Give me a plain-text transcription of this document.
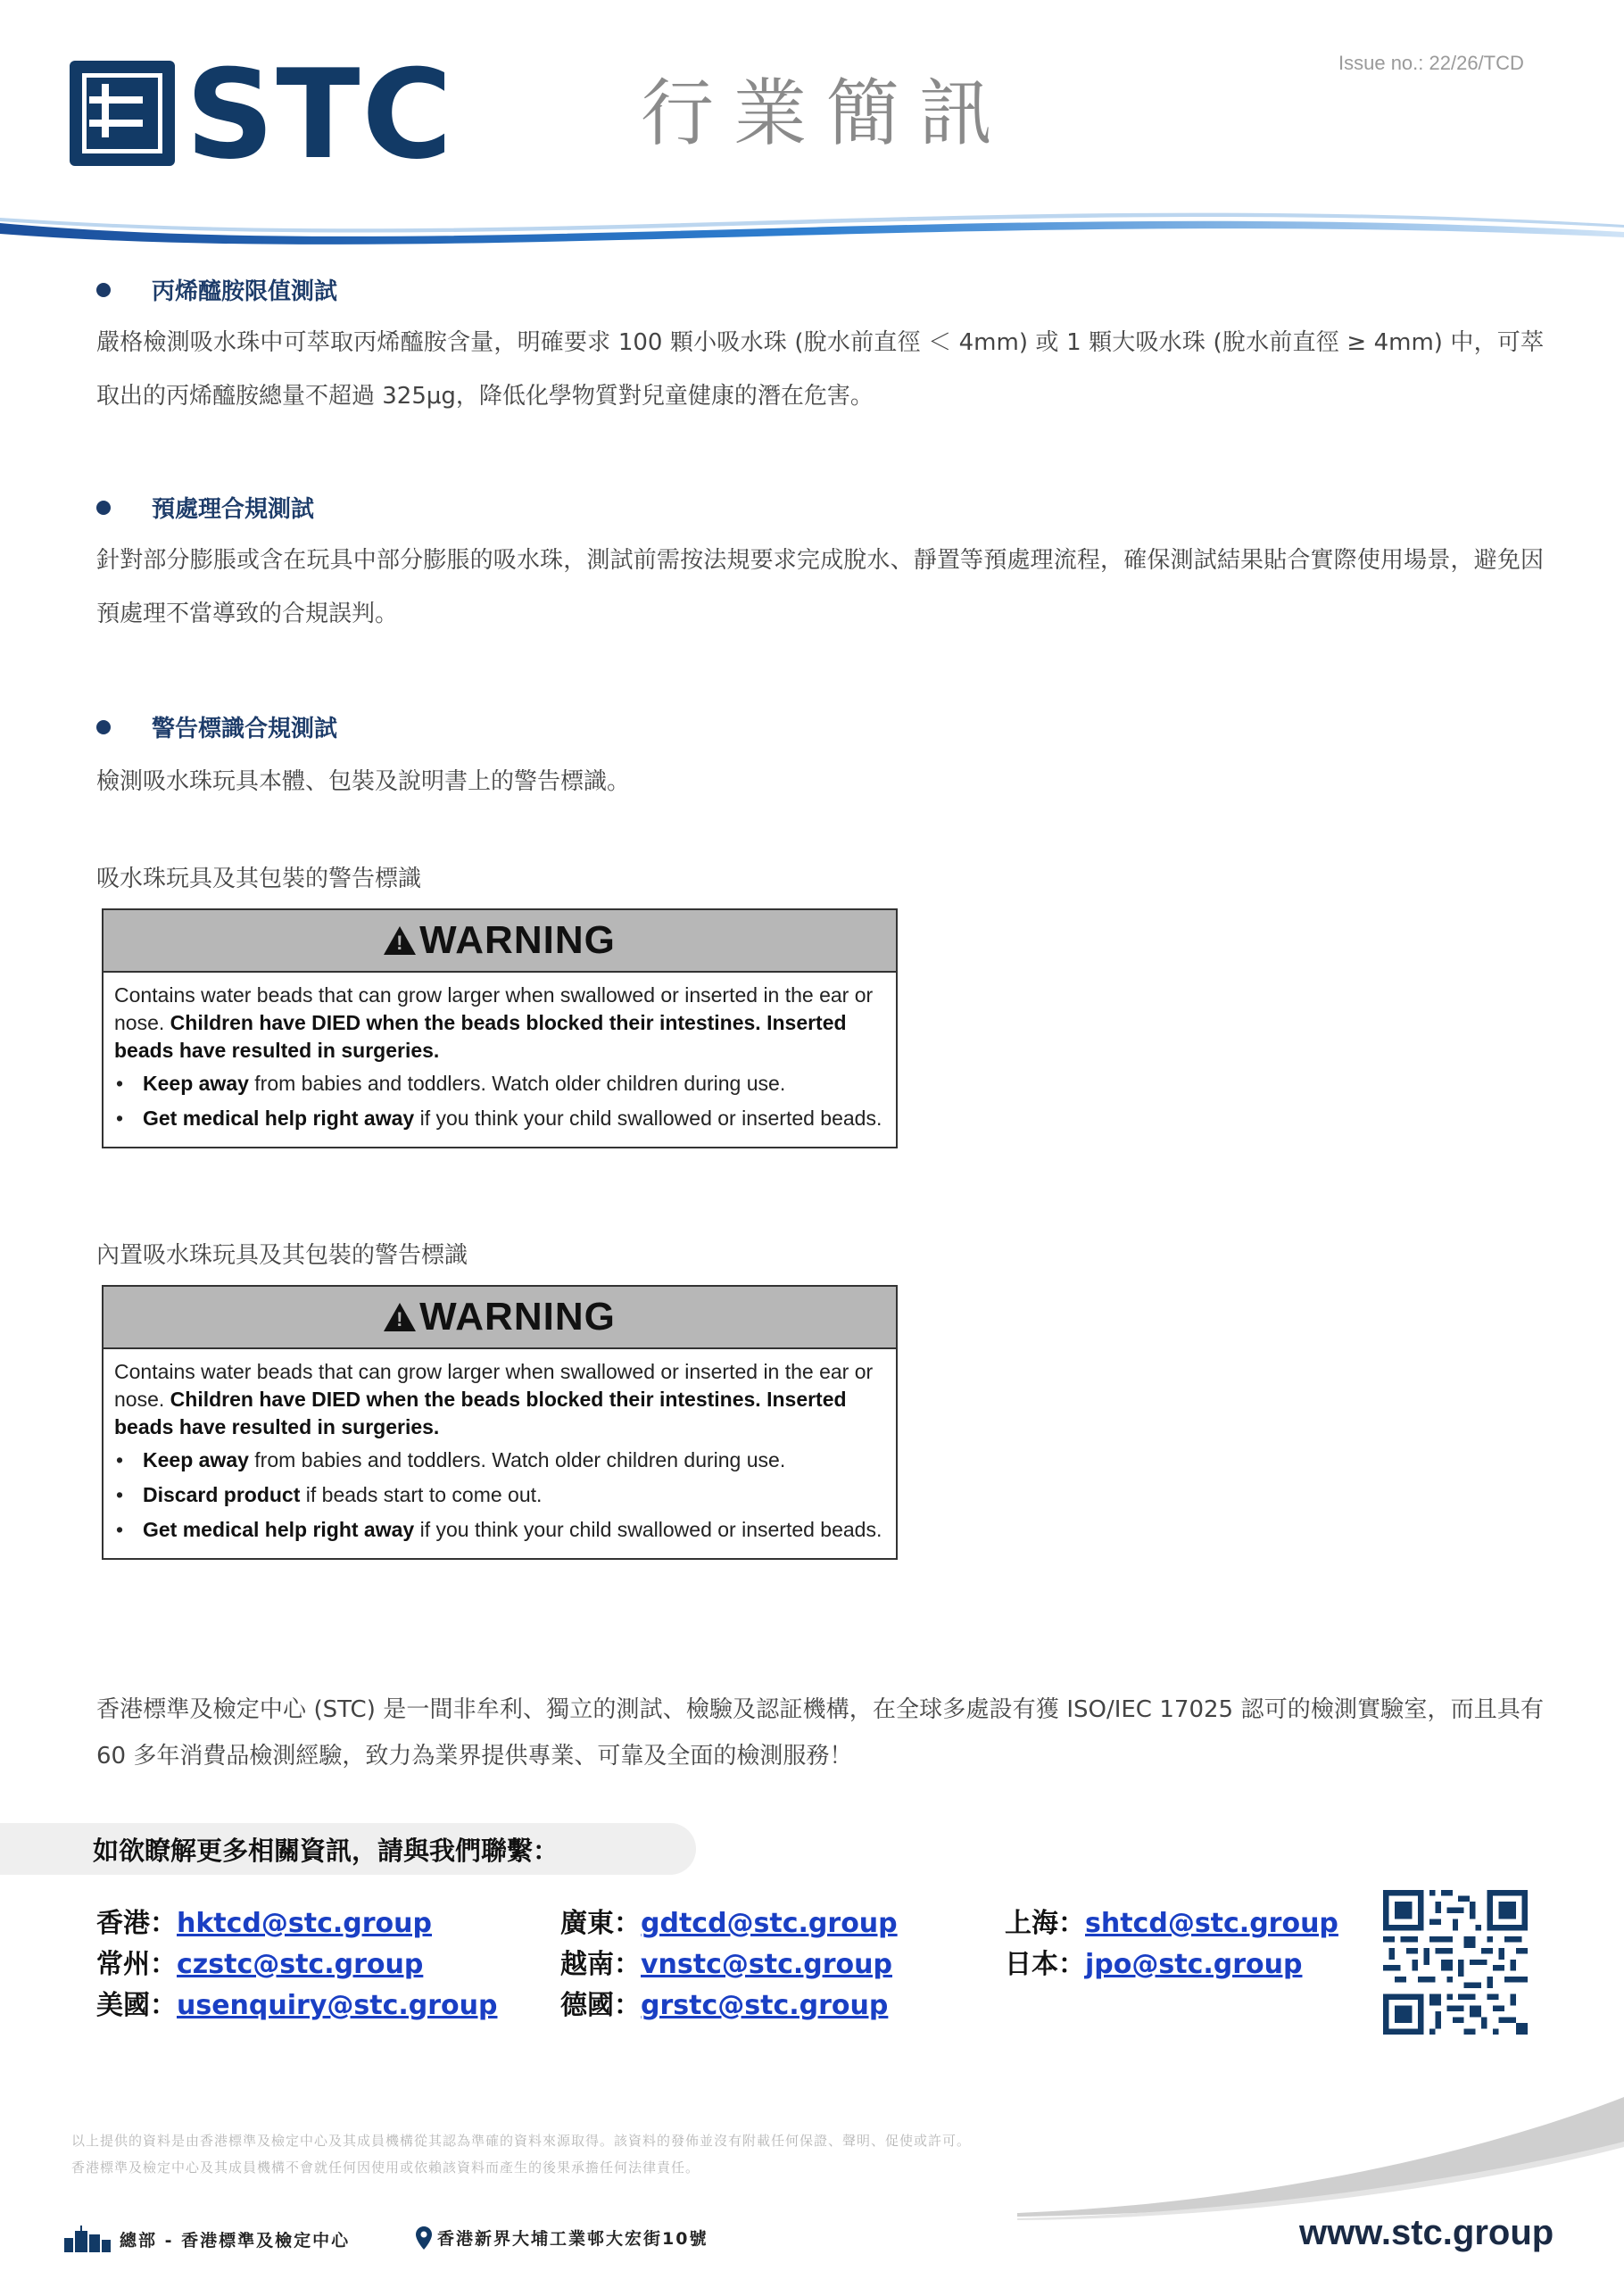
STC	行業簡訊
Issue no.: 22/26/TCD
丙烯醯胺限值測試
嚴格檢測吸水珠中可萃取丙烯醯胺含量，明確要求 100 顆小吸水珠 (脫水前直徑 ＜ 4mm) 或 1 顆大吸水珠 (脫水前直徑 ≥ 4mm) 中，可萃取出的丙烯醯胺總量不超過 325μg，降低化學物質對兒童健康的潛在危害。
預處理合規測試
針對部分膨脹或含在玩具中部分膨脹的吸水珠，測試前需按法規要求完成脫水、靜置等預處理流程，確保測試結果貼合實際使用場景，避免因預處理不當導致的合規誤判。
警告標識合規測試
檢測吸水珠玩具本體、包裝及說明書上的警告標識。
吸水珠玩具及其包裝的警告標識
! WARNING

Contains water beads that can grow larger when swallowed or inserted in the ear or nose. Children have DIED when the beads blocked their intestines. Inserted beads have resulted in surgeries.

• Keep away from babies and toddlers. Watch older children during use.
• Get medical help right away if you think your child swallowed or inserted beads.
內置吸水珠玩具及其包裝的警告標識
! WARNING

Contains water beads that can grow larger when swallowed or inserted in the ear or nose. Children have DIED when the beads blocked their intestines. Inserted beads have resulted in surgeries.

• Keep away from babies and toddlers. Watch older children during use.
• Discard product if beads start to come out.
• Get medical help right away if you think your child swallowed or inserted beads.
香港標準及檢定中心 (STC) 是一間非牟利、獨立的測試、檢驗及認証機構，在全球多處設有獲 ISO/IEC 17025 認可的檢測實驗室，而且具有 60 多年消費品檢測經驗，致力為業界提供專業、可靠及全面的檢測服務！
如欲瞭解更多相關資訊，請與我們聯繫：
香港：hktcd@stc.group
常州：czstc@stc.group
美國：usenquiry@stc.group
廣東：gdtcd@stc.group
越南：vnstc@stc.group
德國：grstc@stc.group
上海：shtcd@stc.group
日本：jpo@stc.group
以上提供的資料是由香港標準及檢定中心及其成員機構從其認為準確的資料來源取得。該資料的發佈並沒有附載任何保證、聲明、促使或許可。
香港標準及檢定中心及其成員機構不會就任何因使用或依賴該資料而產生的後果承擔任何法律責任。
總部 - 香港標準及檢定中心	香港新界大埔工業邨大宏街10號	www.stc.group
